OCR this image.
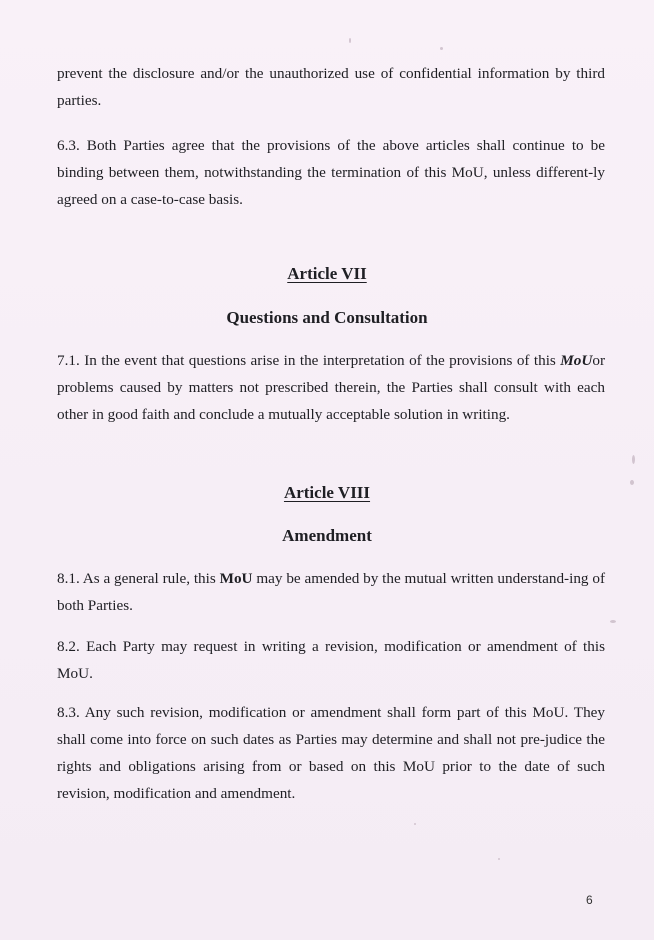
prevent the disclosure and/or the unauthorized use of confidential information by third parties.

6.3. Both Parties agree that the provisions of the above articles shall continue to be binding between them, notwithstanding the termination of this MoU, unless different-ly agreed on a case-to-case basis.

Article VII
Questions and Consultation

7.1. In the event that questions arise in the interpretation of the provisions of this MoUor problems caused by matters not prescribed therein, the Parties shall consult with each other in good faith and conclude a mutually acceptable solution in writing.

Article VIII
Amendment

8.1. As a general rule, this MoU may be amended by the mutual written understand-ing of both Parties.

8.2. Each Party may request in writing a revision, modification or amendment of this MoU.

8.3. Any such revision, modification or amendment shall form part of this MoU. They shall come into force on such dates as Parties may determine and shall not pre-judice the rights and obligations arising from or based on this MoU prior to the date of such revision, modification and amendment.

6
